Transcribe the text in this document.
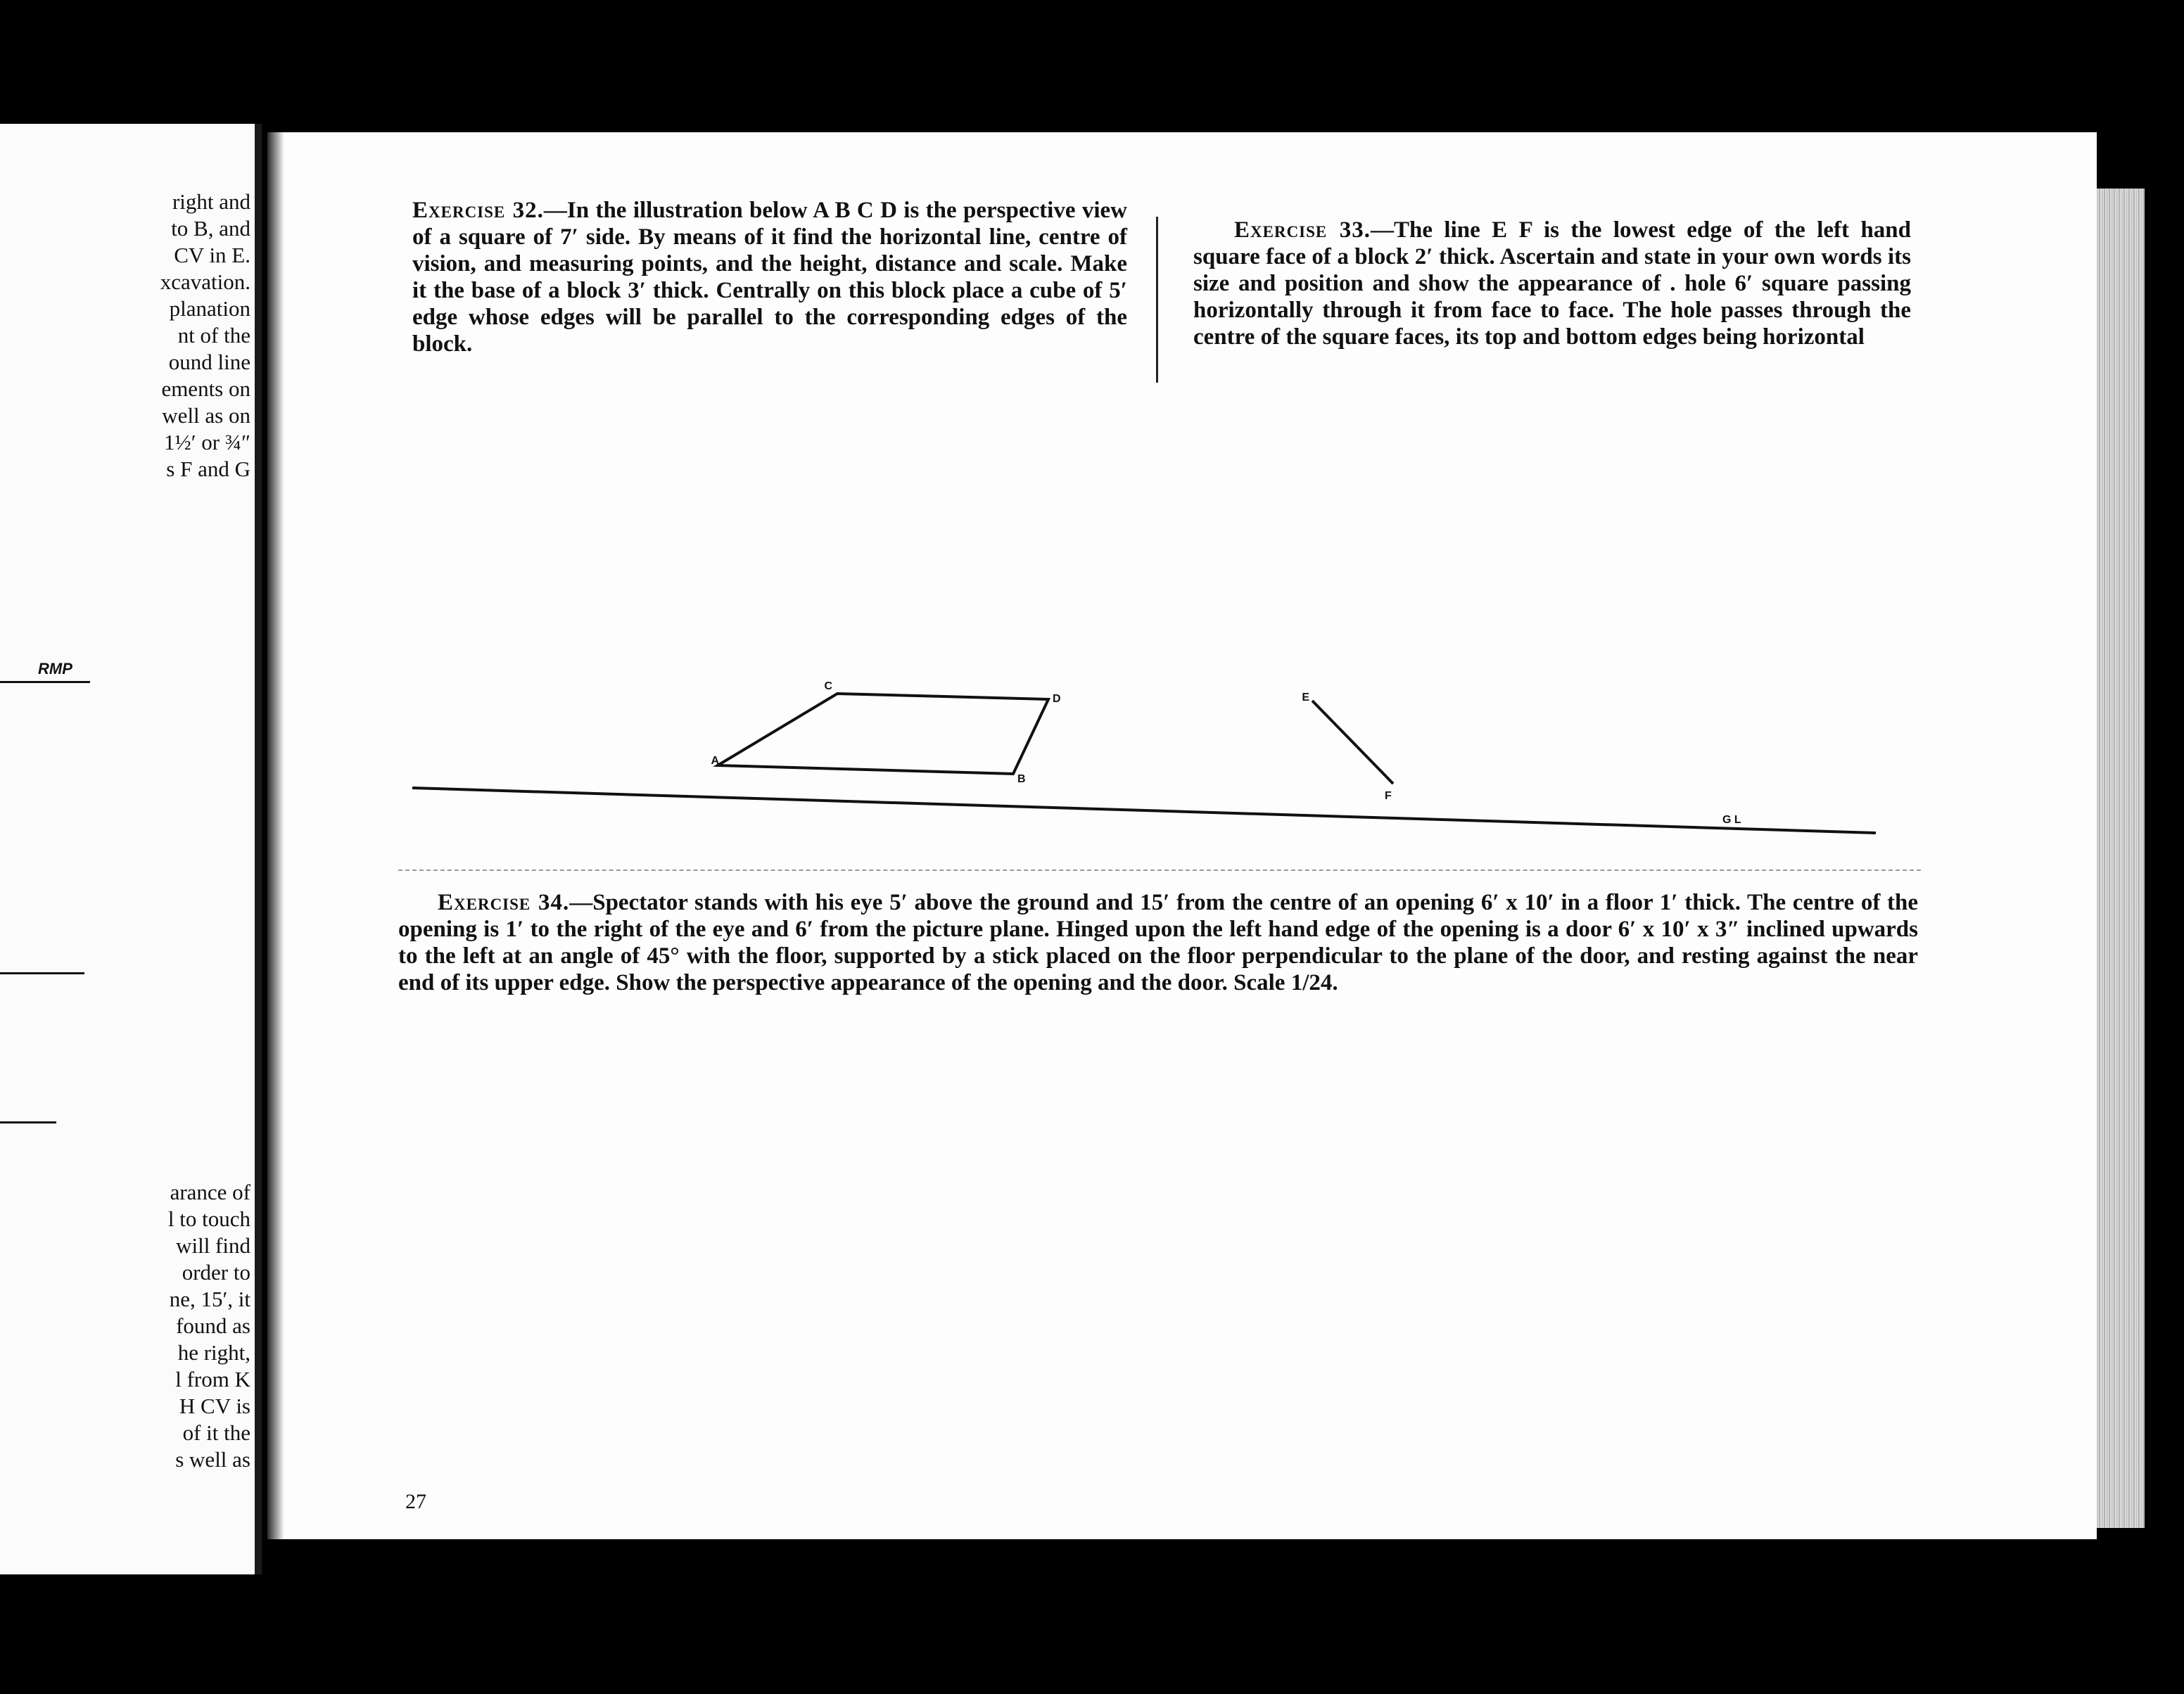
right and
to B, and
CV in E.
xcavation.
planation
nt of the
ound line
ements on
well as on
1½′ or ¾″
s F and G
RMP
arance of
l to touch
will find
order to
ne, 15′, it
found as
he right,
l from K
H CV is
of it the
s well as
Exercise 32.—In the illustration below A B C D is the perspective view of a square of 7′ side. By means of it find the horizontal line, centre of vision, and measuring points, and the height, distance and scale. Make it the base of a block 3′ thick. Centrally on this block place a cube of 5′ edge whose edges will be parallel to the corresponding edges of the block.
Exercise 33.—The line E F is the lowest edge of the left hand square face of a block 2′ thick. Ascertain and state in your own words its size and position and show the appearance of . hole 6′ square passing horizontally through it from face to face. The hole passes through the centre of the square faces, its top and bottom edges being horizontal
A
B
C
D	E
F
G L
Exercise 34.—Spectator stands with his eye 5′ above the ground and 15′ from the centre of an opening 6′ x 10′ in a floor 1′ thick. The centre of the opening is 1′ to the right of the eye and 6′ from the picture plane. Hinged upon the left hand edge of the opening is a door 6′ x 10′ x 3″ inclined upwards to the left at an angle of 45° with the floor, supported by a stick placed on the floor perpendicular to the plane of the door, and resting against the near end of its upper edge. Show the perspective appearance of the opening and the door. Scale 1/24.
27
